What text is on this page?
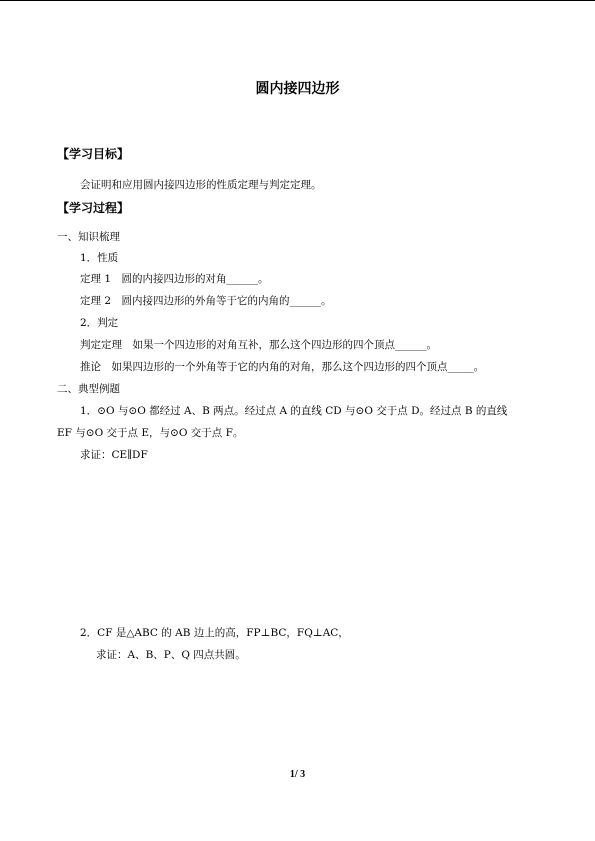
圆内接四边形
【学习目标】
会证明和应用圆内接四边形的性质定理与判定定理。
【学习过程】
一、知识梳理
1．性质
定理 1　圆的内接四边形的对角______。
定理 2　圆内接四边形的外角等于它的内角的______。
2．判定
判定定理　如果一个四边形的对角互补，那么这个四边形的四个顶点______。
推论　如果四边形的一个外角等于它的内角的对角，那么这个四边形的四个顶点_____。
二、典型例题
1．⊙O 与⊙O 都经过 A、B 两点。经过点 A 的直线 CD 与⊙O 交于点 D。经过点 B 的直线
EF 与⊙O 交于点 E，与⊙O 交于点 F。
求证：CE∥DF
2．CF 是△ABC 的 AB 边上的高，FP⊥BC，FQ⊥AC，
求证：A、B、P、Q 四点共圆。
1/ 3
